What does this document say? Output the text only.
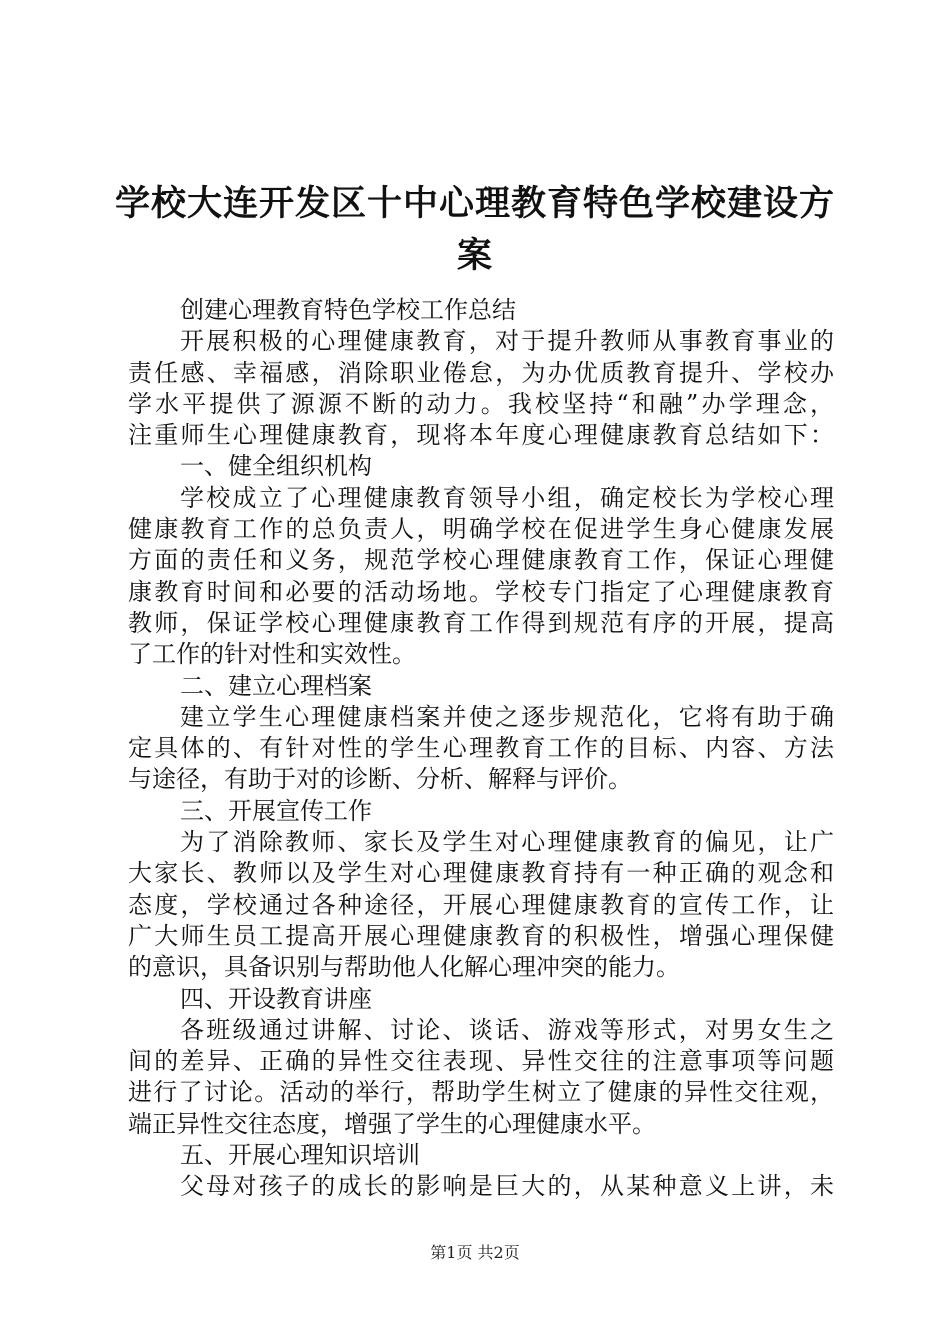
学校大连开发区十中心理教育特色学校建设方
案
创建心理教育特色学校工作总结
开展积极的心理健康教育，对于提升教师从事教育事业的
责任感、幸福感，消除职业倦怠，为办优质教育提升、学校办
学水平提供了源源不断的动力。我校坚持“和融”办学理念，
注重师生心理健康教育，现将本年度心理健康教育总结如下：
一、健全组织机构
学校成立了心理健康教育领导小组，确定校长为学校心理
健康教育工作的总负责人，明确学校在促进学生身心健康发展
方面的责任和义务，规范学校心理健康教育工作，保证心理健
康教育时间和必要的活动场地。学校专门指定了心理健康教育
教师，保证学校心理健康教育工作得到规范有序的开展，提高
了工作的针对性和实效性。
二、建立心理档案
建立学生心理健康档案并使之逐步规范化，它将有助于确
定具体的、有针对性的学生心理教育工作的目标、内容、方法
与途径，有助于对的诊断、分析、解释与评价。
三、开展宣传工作
为了消除教师、家长及学生对心理健康教育的偏见，让广
大家长、教师以及学生对心理健康教育持有一种正确的观念和
态度，学校通过各种途径，开展心理健康教育的宣传工作，让
广大师生员工提高开展心理健康教育的积极性，增强心理保健
的意识，具备识别与帮助他人化解心理冲突的能力。
四、开设教育讲座
各班级通过讲解、讨论、谈话、游戏等形式，对男女生之
间的差异、正确的异性交往表现、异性交往的注意事项等问题
进行了讨论。活动的举行，帮助学生树立了健康的异性交往观，
端正异性交往态度，增强了学生的心理健康水平。
五、开展心理知识培训
父母对孩子的成长的影响是巨大的，从某种意义上讲，未
第1页 共2页
